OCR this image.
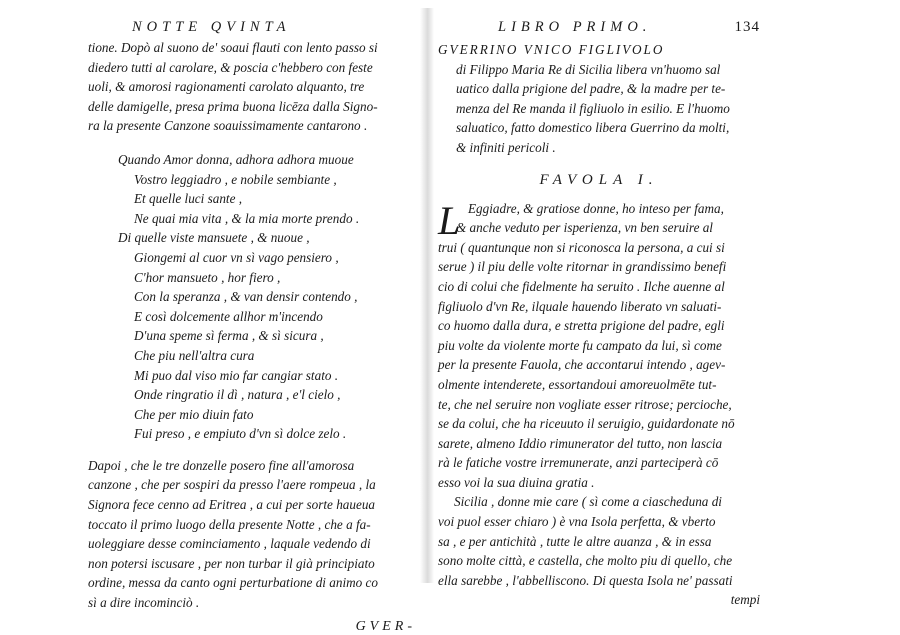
NOTTE QVINTA
tione. Dopò al suono de' soaui flauti con lento passo si
diedero tutti al carolare, & poscia c'hebbero con feste
uoli, & amorosi ragionamenti carolato alquanto, tre
delle damigelle, presa prima buona licēza dalla Signo-
ra la presente Canzone soauissimamente cantarono .
Quando Amor donna, adhora adhora muoue
Vostro leggiadro , e nobile sembiante ,
Et quelle luci sante ,
Ne quai mia vita , & la mia morte prendo .
Di quelle viste mansuete , & nuoue ,
Giongemi al cuor vn sì vago pensiero ,
C'hor mansueto , hor fiero ,
Con la speranza , & van densir contendo ,
E così dolcemente allhor m'incendo
D'una speme sì ferma , & sì sicura ,
Che piu nell'altra cura
Mi puo dal viso mio far cangiar stato .
Onde ringratio il dì , natura , e'l cielo ,
Che per mio diuin fato
Fui preso , e empiuto d'vn sì dolce zelo .
Dapoi , che le tre donzelle posero fine all'amorosa
canzone , che per sospiri da presso l'aere rompeua , la
Signora fece cenno ad Eritrea , a cui per sorte haueua
toccato il primo luogo della presente Notte , che a fa-
uoleggiare desse cominciamento , laquale vedendo di
non potersi iscusare , per non turbar il già principiato
ordine, messa da canto ogni perturbatione di animo co
sì a dire incominciò .
GVER-
LIBRO PRIMO.	134
GVERRINO VNICO FIGLIVOLO
di Filippo Maria Re di Sicilia libera vn'huomo sal
uatico dalla prigione del padre, & la madre per te-
menza del Re manda il figliuolo in esilio. E l'huomo
saluatico, fatto domestico libera Guerrino da molti,
& infiniti pericoli .
FAVOLA I.
L Eggiadre, & gratiose donne, ho inteso per fama,
& anche veduto per isperienza, vn ben seruire al
trui ( quantunque non si riconosca la persona, a cui si
serue ) il piu delle volte ritornar in grandissimo benefi
cio di colui che fidelmente ha seruito . Ilche auenne al
figliuolo d'vn Re, ilquale hauendo liberato vn saluati-
co huomo dalla dura, e stretta prigione del padre, egli
piu volte da violente morte fu campato da lui, sì come
per la presente Fauola, che accontarui intendo , agev-
olmente intenderete, essortandoui amoreuolmēte tut-
te, che nel seruire non vogliate esser ritrose; percioche,
se da colui, che ha riceuuto il seruigio, guidardonate nō
sarete, almeno Iddio rimunerator del tutto, non lascia
rà le fatiche vostre irremunerate, anzi parteciperà cō
esso voi la sua diuina gratia .
Sicilia , donne mie care ( sì come a ciascheduna di
voi puol esser chiaro ) è vna Isola perfetta, & vberto
sa , e per antichità , tutte le altre auanza , & in essa
sono molte città, e castella, che molto piu di quello, che
ella sarebbe , l'abbelliscono. Di questa Isola ne' passati
tempi
